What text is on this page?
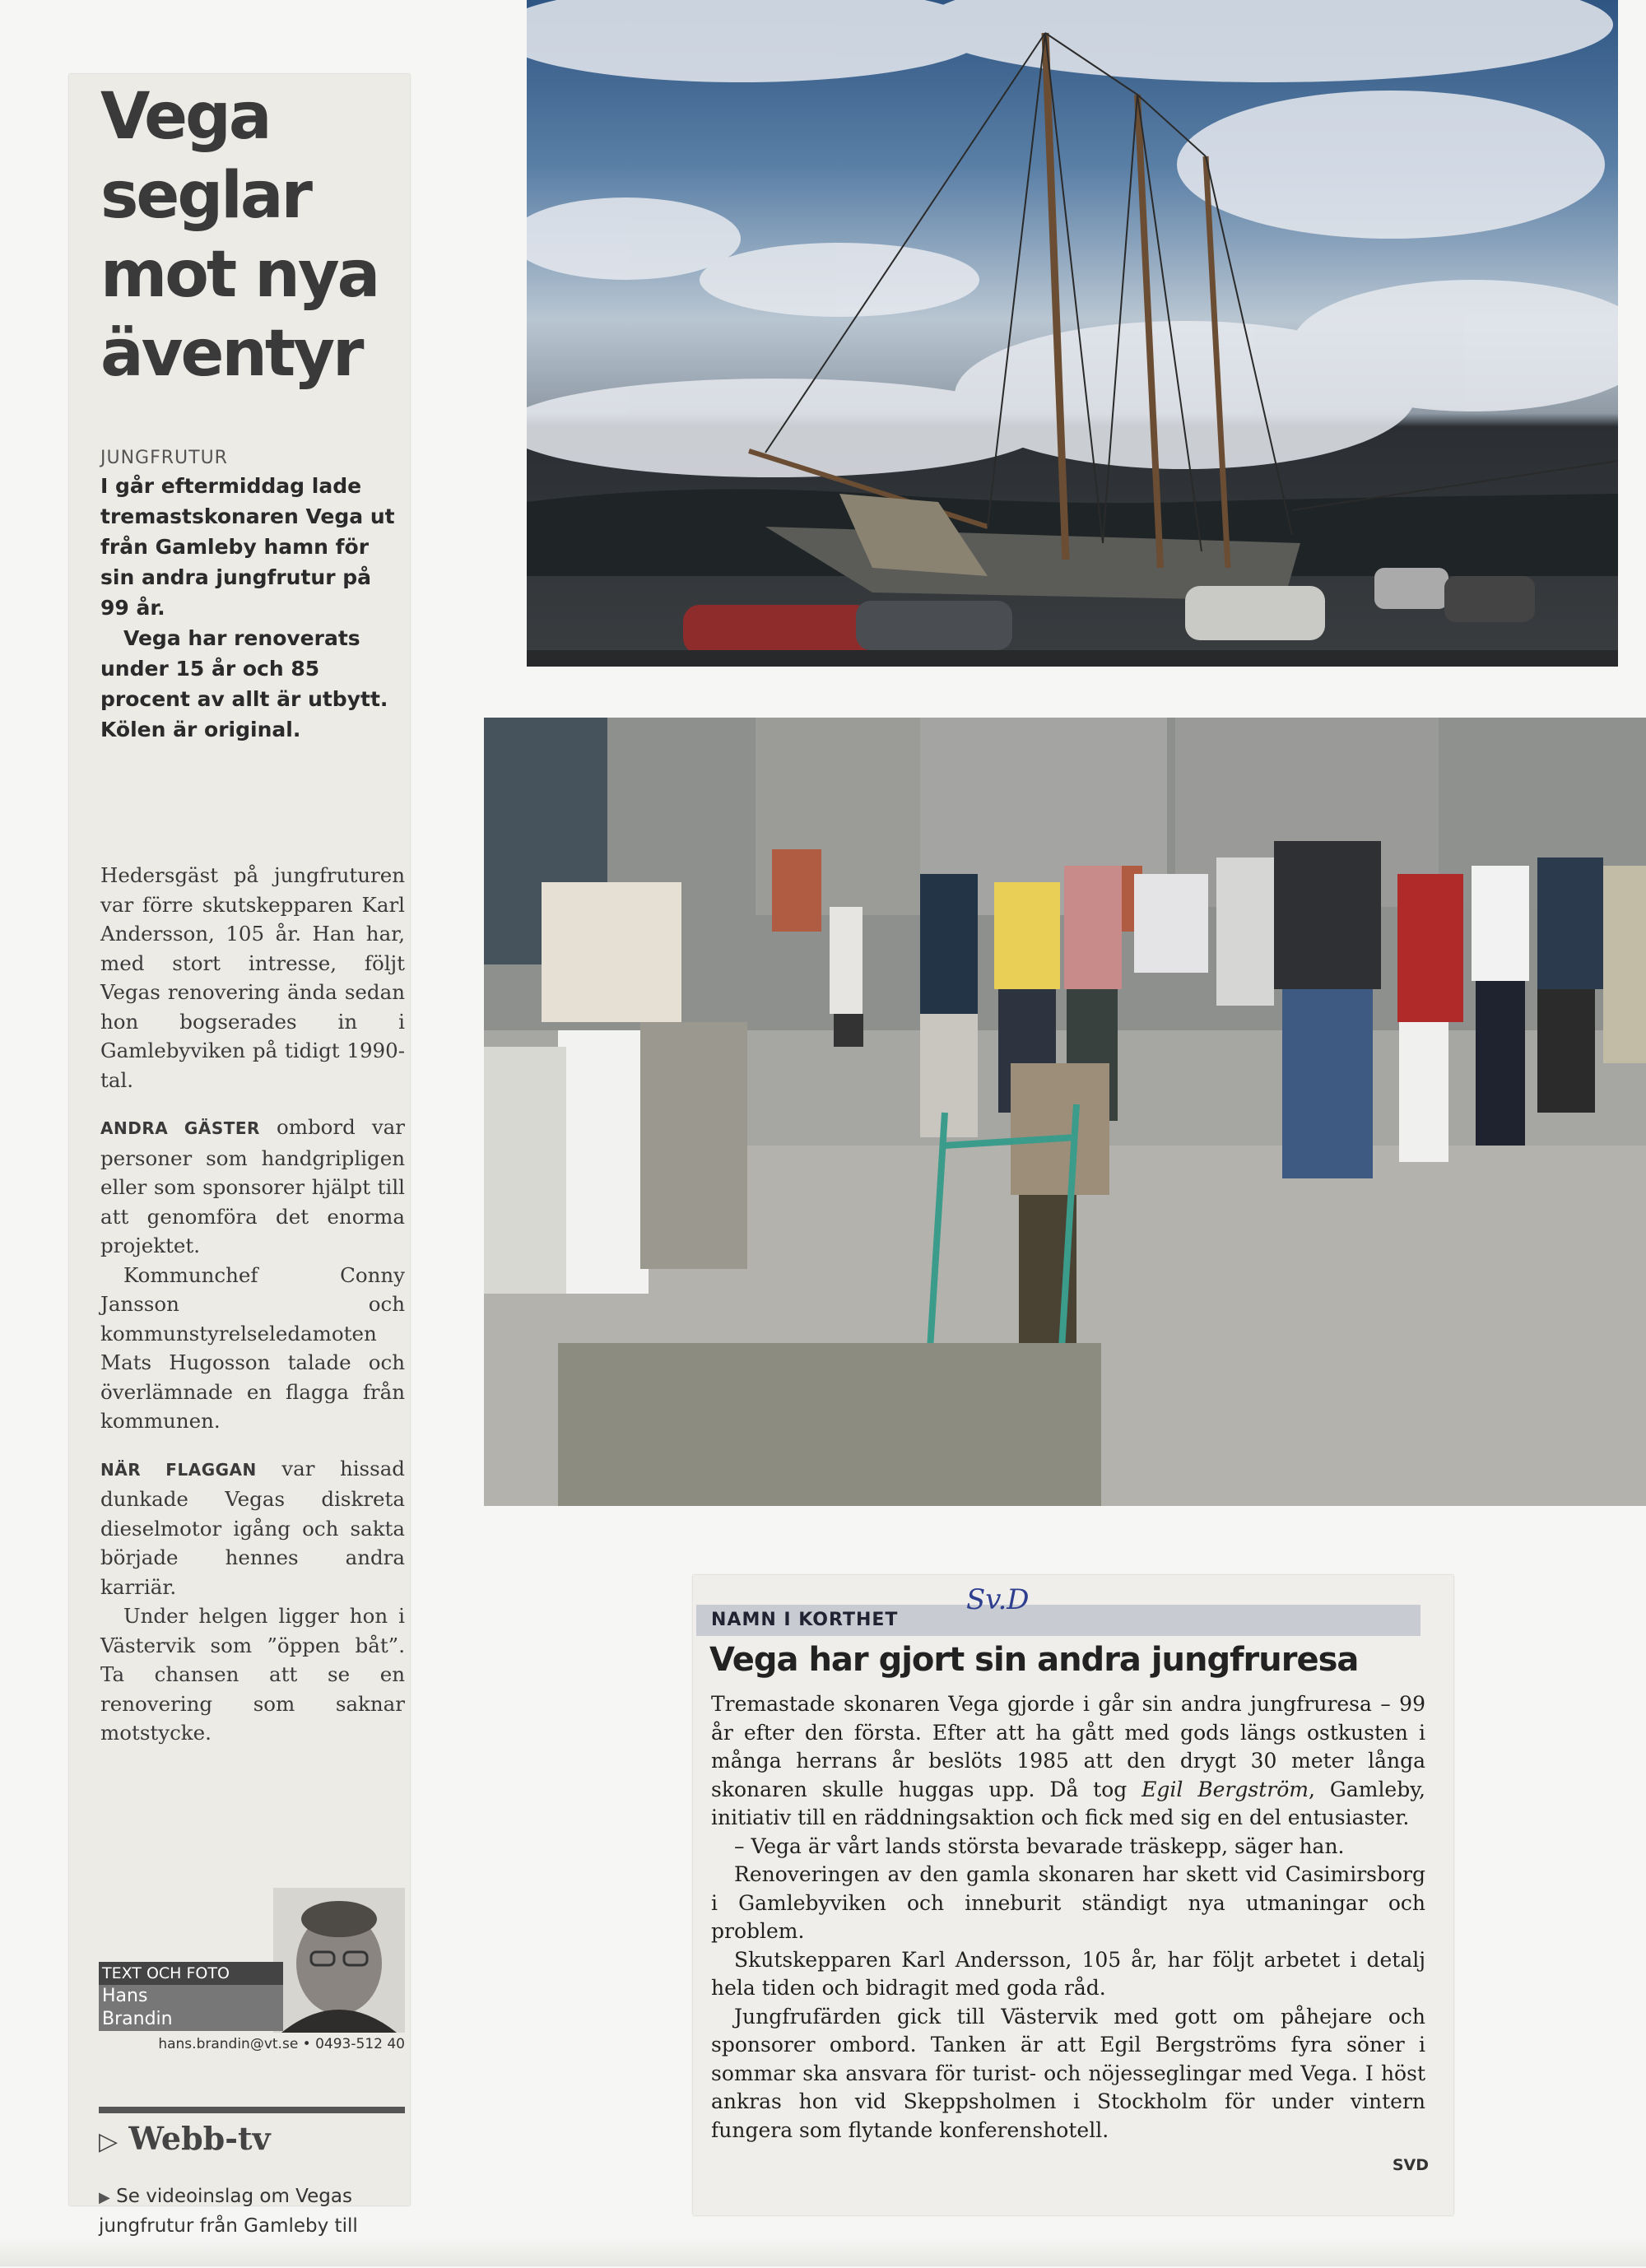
Vega seglar mot nya äventyr
JUNGFRUTUR
I går eftermiddag lade tremastskonaren Vega ut från Gamleby hamn för sin andra jungfrutur på 99 år.
Vega har renoverats under 15 år och 85 procent av allt är utbytt. Kölen är original.

Hedersgäst på jungfruturen var förre skutskepparen Karl Andersson, 105 år. Han har, med stort intresse, följt Vegas renovering ända sedan hon bogserades in i Gamlebyviken på tidigt 1990-tal.

ANDRA GÄSTER ombord var personer som handgripligen eller som sponsorer hjälpt till att genomföra det enorma projektet.
Kommunchef Conny Jansson och kommunstyrelseledamoten Mats Hugosson talade och överlämnade en flagga från kommunen.

NÄR FLAGGAN var hissad dunkade Vegas diskreta dieselmotor igång och sakta började hennes andra karriär.
Under helgen ligger hon i Västervik som ”öppen båt”. Ta chansen att se en renovering som saknar motstycke.

TEXT OCH FOTO
Hans
Brandin
hans.brandin@vt.se • 0493-512 40
▷ Webb-tv
▶ Se videoinslag om Vegas jungfrutur från Gamleby till
NAMN I KORTHET
Sv.D
Vega har gjort sin andra jungfruresa

Tremastade skonaren Vega gjorde i går sin andra jungfruresa – 99 år efter den första. Efter att ha gått med gods längs ostkusten i många herrans år beslöts 1985 att den drygt 30 meter långa skonaren skulle huggas upp. Då tog Egil Bergström, Gamleby, initiativ till en räddningsaktion och fick med sig en del entusiaster.

– Vega är vårt lands största bevarade träskepp, säger han.

Renoveringen av den gamla skonaren har skett vid Casimirsborg i Gamlebyviken och inneburit ständigt nya utmaningar och problem.

Skutskepparen Karl Andersson, 105 år, har följt arbetet i detalj hela tiden och bidragit med goda råd.

Jungfrufärden gick till Västervik med gott om påhejare och sponsorer ombord. Tanken är att Egil Bergströms fyra söner i sommar ska ansvara för turist- och nöjesseglingar med Vega. I höst ankras hon vid Skeppsholmen i Stockholm för under vintern fungera som flytande konferenshotell.

SVD
